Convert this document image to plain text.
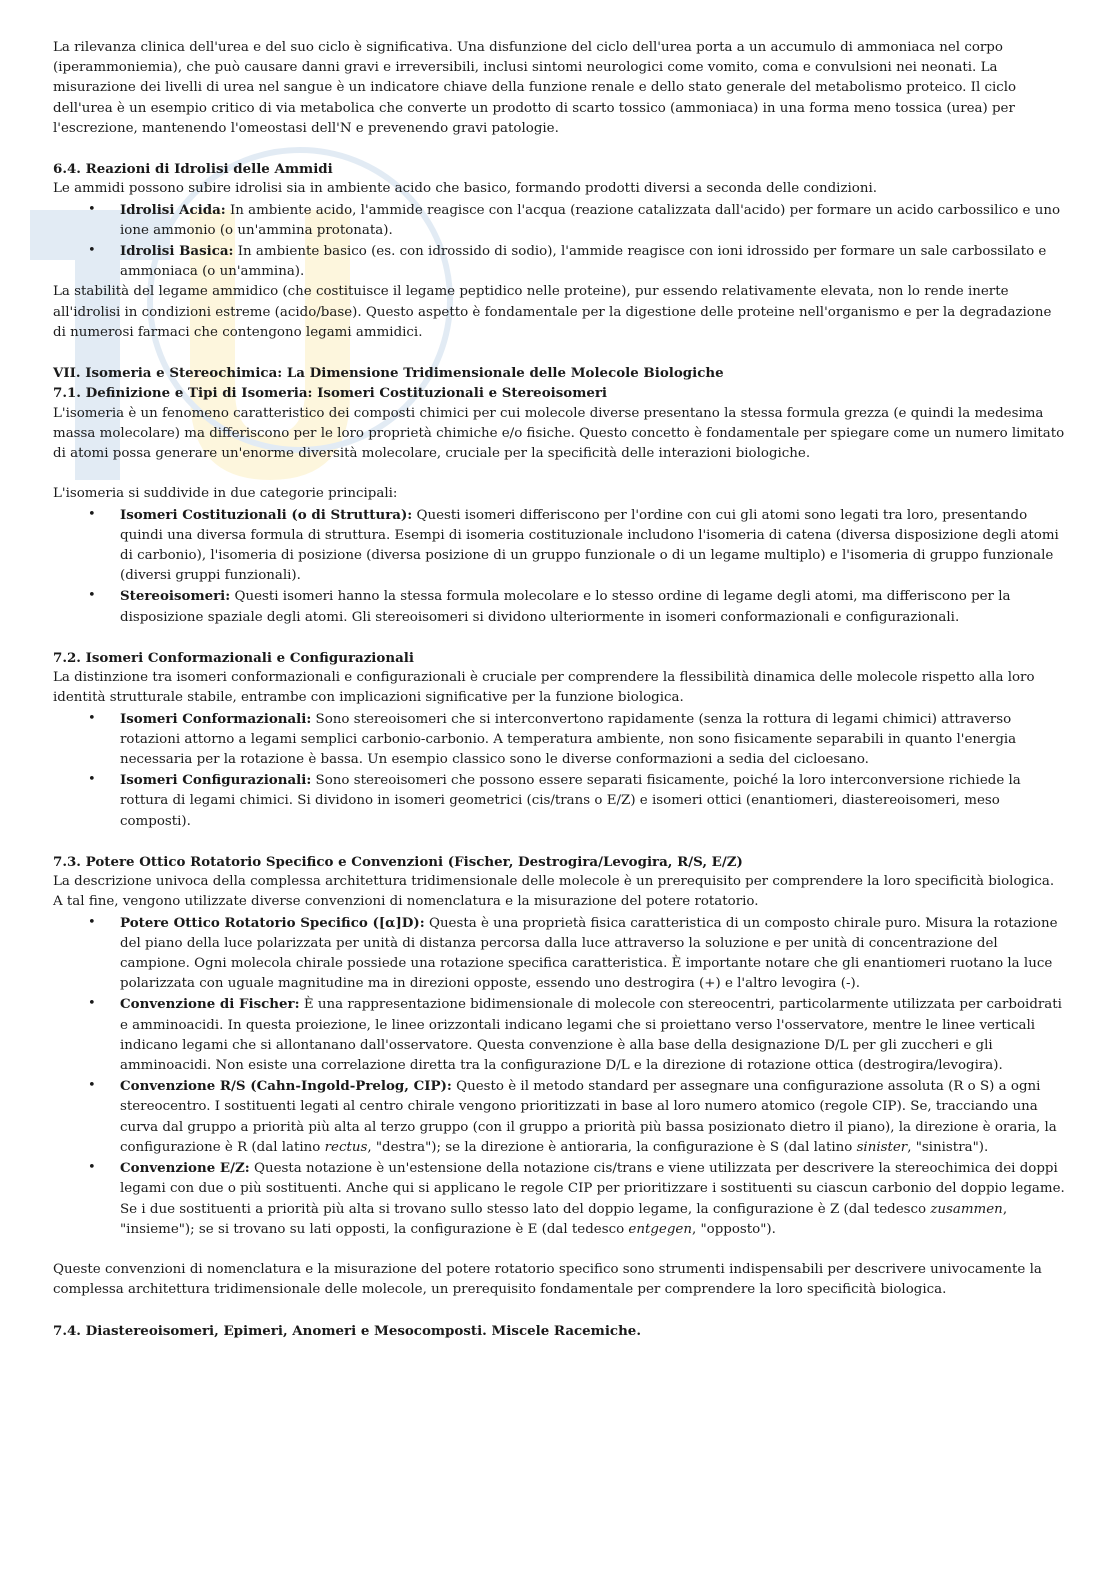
La rilevanza clinica dell'urea e del suo ciclo è significativa. Una disfunzione del ciclo dell'urea porta a un accumulo di ammoniaca nel corpo (iperammoniemia), che può causare danni gravi e irreversibili, inclusi sintomi neurologici come vomito, coma e convulsioni nei neonati. La misurazione dei livelli di urea nel sangue è un indicatore chiave della funzione renale e dello stato generale del metabolismo proteico. Il ciclo dell'urea è un esempio critico di via metabolica che converte un prodotto di scarto tossico (ammoniaca) in una forma meno tossica (urea) per l'escrezione, mantenendo l'omeostasi dell'N e prevenendo gravi patologie.

6.4. Reazioni di Idrolisi delle Ammidi

Le ammidi possono subire idrolisi sia in ambiente acido che basico, formando prodotti diversi a seconda delle condizioni.

• Idrolisi Acida: In ambiente acido, l'ammide reagisce con l'acqua (reazione catalizzata dall'acido) per formare un acido carbossilico e uno ione ammonio (o un'ammina protonata).
• Idrolisi Basica: In ambiente basico (es. con idrossido di sodio), l'ammide reagisce con ioni idrossido per formare un sale carbossilato e ammoniaca (o un'ammina).

La stabilità del legame ammidico (che costituisce il legame peptidico nelle proteine), pur essendo relativamente elevata, non lo rende inerte all'idrolisi in condizioni estreme (acido/base). Questo aspetto è fondamentale per la digestione delle proteine nell'organismo e per la degradazione di numerosi farmaci che contengono legami ammidici.

VII. Isomeria e Stereochimica: La Dimensione Tridimensionale delle Molecole Biologiche
7.1. Definizione e Tipi di Isomeria: Isomeri Costituzionali e Stereoisomeri

L'isomeria è un fenomeno caratteristico dei composti chimici per cui molecole diverse presentano la stessa formula grezza (e quindi la medesima massa molecolare) ma differiscono per le loro proprietà chimiche e/o fisiche. Questo concetto è fondamentale per spiegare come un numero limitato di atomi possa generare un'enorme diversità molecolare, cruciale per la specificità delle interazioni biologiche.

L'isomeria si suddivide in due categorie principali:

• Isomeri Costituzionali (o di Struttura): Questi isomeri differiscono per l'ordine con cui gli atomi sono legati tra loro, presentando quindi una diversa formula di struttura. Esempi di isomeria costituzionale includono l'isomeria di catena (diversa disposizione degli atomi di carbonio), l'isomeria di posizione (diversa posizione di un gruppo funzionale o di un legame multiplo) e l'isomeria di gruppo funzionale (diversi gruppi funzionali).
• Stereoisomeri: Questi isomeri hanno la stessa formula molecolare e lo stesso ordine di legame degli atomi, ma differiscono per la disposizione spaziale degli atomi. Gli stereoisomeri si dividono ulteriormente in isomeri conformazionali e configurazionali.
7.2. Isomeri Conformazionali e Configurazionali

La distinzione tra isomeri conformazionali e configurazionali è cruciale per comprendere la flessibilità dinamica delle molecole rispetto alla loro identità strutturale stabile, entrambe con implicazioni significative per la funzione biologica.

• Isomeri Conformazionali: Sono stereoisomeri che si interconvertono rapidamente (senza la rottura di legami chimici) attraverso rotazioni attorno a legami semplici carbonio-carbonio. A temperatura ambiente, non sono fisicamente separabili in quanto l'energia necessaria per la rotazione è bassa. Un esempio classico sono le diverse conformazioni a sedia del cicloesano.
• Isomeri Configurazionali: Sono stereoisomeri che possono essere separati fisicamente, poiché la loro interconversione richiede la rottura di legami chimici. Si dividono in isomeri geometrici (cis/trans o E/Z) e isomeri ottici (enantiomeri, diastereoisomeri, meso composti).
7.3. Potere Ottico Rotatorio Specifico e Convenzioni (Fischer, Destrogira/Levogira, R/S, E/Z)

La descrizione univoca della complessa architettura tridimensionale delle molecole è un prerequisito per comprendere la loro specificità biologica. A tal fine, vengono utilizzate diverse convenzioni di nomenclatura e la misurazione del potere rotatorio.

• Potere Ottico Rotatorio Specifico ([α]D): Questa è una proprietà fisica caratteristica di un composto chirale puro. Misura la rotazione del piano della luce polarizzata per unità di distanza percorsa dalla luce attraverso la soluzione e per unità di concentrazione del campione. Ogni molecola chirale possiede una rotazione specifica caratteristica. È importante notare che gli enantiomeri ruotano la luce polarizzata con uguale magnitudine ma in direzioni opposte, essendo uno destrogira (+) e l'altro levogira (-).
• Convenzione di Fischer: È una rappresentazione bidimensionale di molecole con stereocentri, particolarmente utilizzata per carboidrati e amminoacidi. In questa proiezione, le linee orizzontali indicano legami che si proiettano verso l'osservatore, mentre le linee verticali indicano legami che si allontanano dall'osservatore. Questa convenzione è alla base della designazione D/L per gli zuccheri e gli amminoacidi. Non esiste una correlazione diretta tra la configurazione D/L e la direzione di rotazione ottica (destrogira/levogira).
• Convenzione R/S (Cahn-Ingold-Prelog, CIP): Questo è il metodo standard per assegnare una configurazione assoluta (R o S) a ogni stereocentro. I sostituenti legati al centro chirale vengono prioritizzati in base al loro numero atomico (regole CIP). Se, tracciando una curva dal gruppo a priorità più alta al terzo gruppo (con il gruppo a priorità più bassa posizionato dietro il piano), la direzione è oraria, la configurazione è R (dal latino rectus, "destra"); se la direzione è antioraria, la configurazione è S (dal latino sinister, "sinistra").
• Convenzione E/Z: Questa notazione è un'estensione della notazione cis/trans e viene utilizzata per descrivere la stereochimica dei doppi legami con due o più sostituenti. Anche qui si applicano le regole CIP per prioritizzare i sostituenti su ciascun carbonio del doppio legame. Se i due sostituenti a priorità più alta si trovano sullo stesso lato del doppio legame, la configurazione è Z (dal tedesco zusammen, "insieme"); se si trovano su lati opposti, la configurazione è E (dal tedesco entgegen, "opposto").

Queste convenzioni di nomenclatura e la misurazione del potere rotatorio specifico sono strumenti indispensabili per descrivere univocamente la complessa architettura tridimensionale delle molecole, un prerequisito fondamentale per comprendere la loro specificità biologica.

7.4. Diastereoisomeri, Epimeri, Anomeri e Mesocomposti. Miscele Racemiche.
